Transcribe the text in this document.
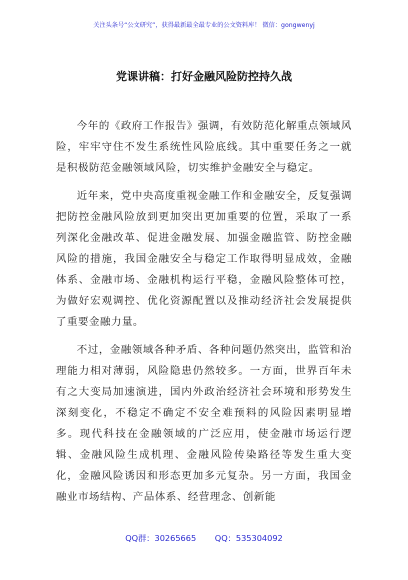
关注头条号“公文研究”，获得最新最全最专业的公文资料库！ 微信：gongwenyj
党课讲稿：打好金融风险防控持久战

今年的《政府工作报告》强调，有效防范化解重点领域风险，牢牢守住不发生系统性风险底线。其中重要任务之一就是积极防范金融领域风险，切实维护金融安全与稳定。

近年来，党中央高度重视金融工作和金融安全，反复强调把防控金融风险放到更加突出更加重要的位置，采取了一系列深化金融改革、促进金融发展、加强金融监管、防控金融风险的措施，我国金融安全与稳定工作取得明显成效，金融体系、金融市场、金融机构运行平稳，金融风险整体可控，为做好宏观调控、优化资源配置以及推动经济社会发展提供了重要金融力量。

不过，金融领域各种矛盾、各种问题仍然突出，监管和治理能力相对薄弱，风险隐患仍然较多。一方面，世界百年未有之大变局加速演进，国内外政治经济社会环境和形势发生深刻变化，不稳定不确定不安全难预料的风险因素明显增多。现代科技在金融领域的广泛应用，使金融市场运行逻辑、金融风险生成机理、金融风险传染路径等发生重大变化，金融风险诱因和形态更加多元复杂。另一方面，我国金融业市场结构、产品体系、经营理念、创新能

QQ群：30265665 QQ：535304092
